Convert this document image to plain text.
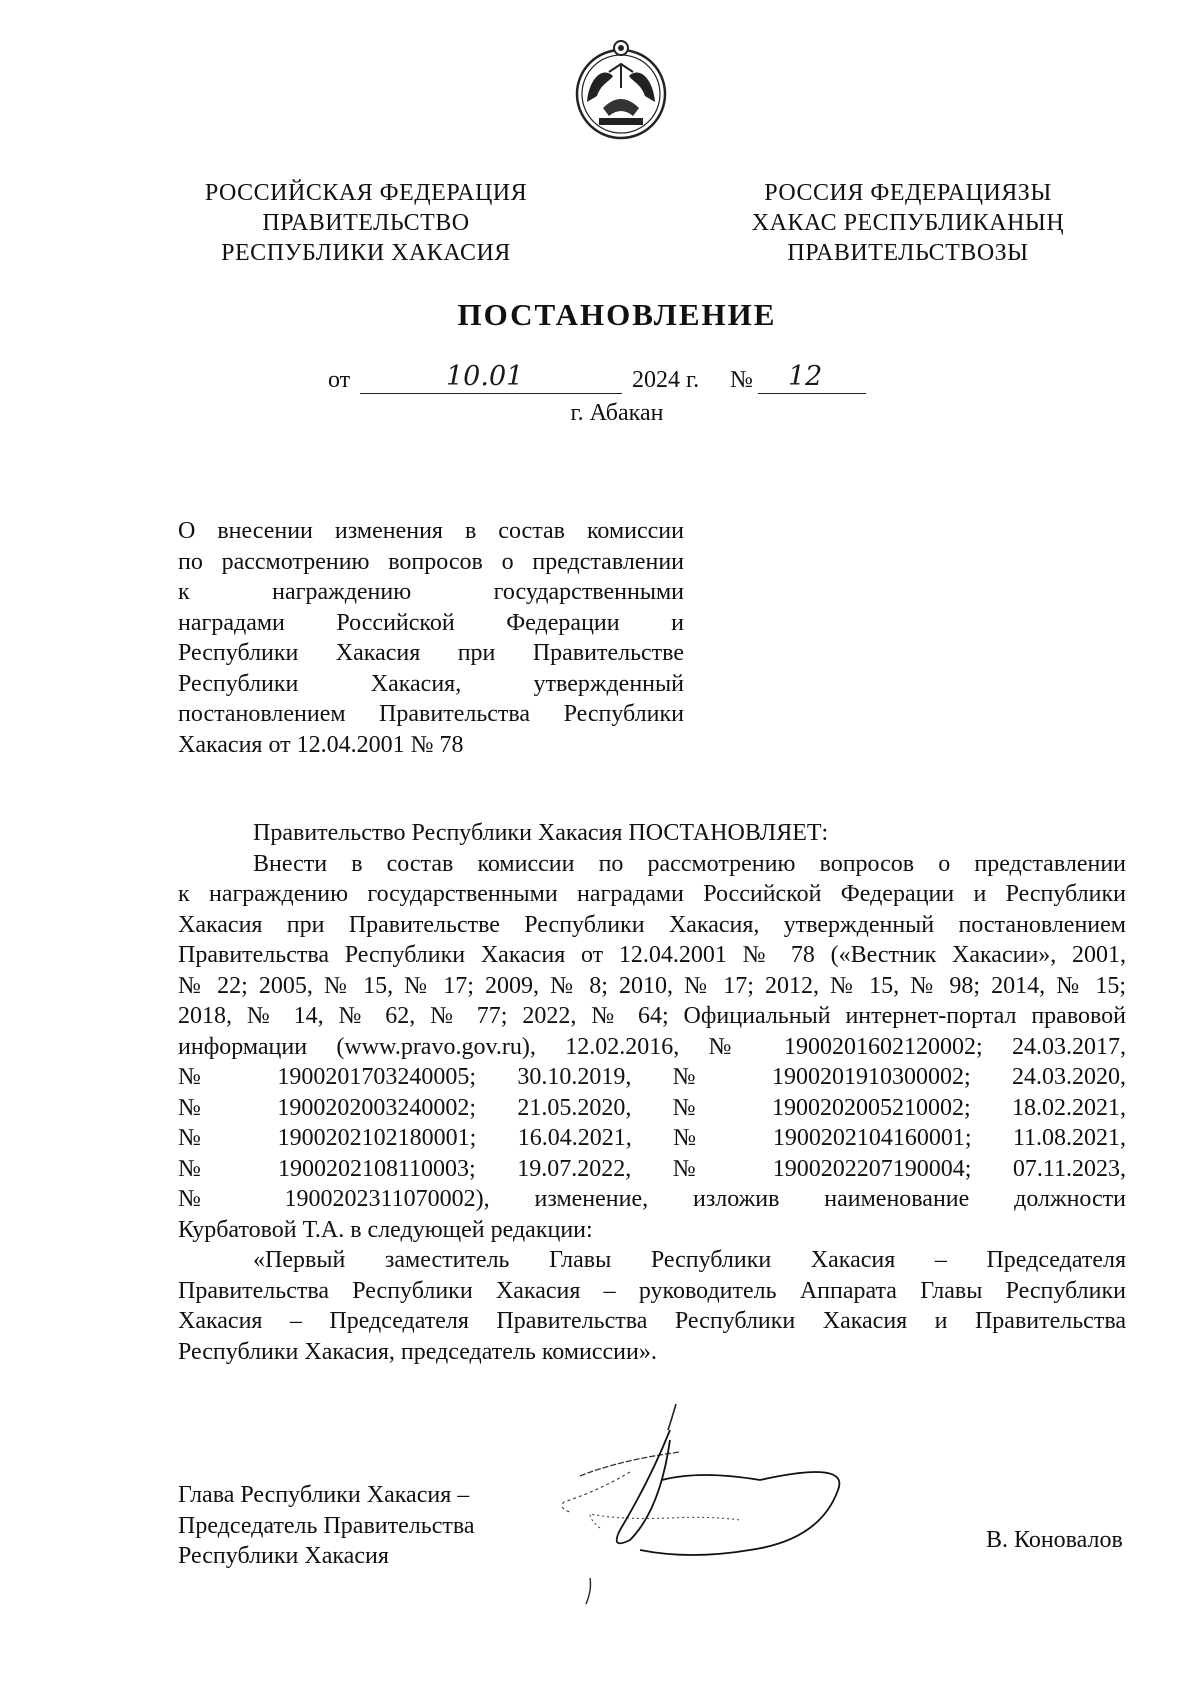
РОССИЙСКАЯ ФЕДЕРАЦИЯ
ПРАВИТЕЛЬСТВО
РЕСПУБЛИКИ ХАКАСИЯ
РОССИЯ ФЕДЕРАЦИЯЗЫ
ХАКАС РЕСПУБЛИКАНЫҢ
ПРАВИТЕЛЬСТВОЗЫ
ПОСТАНОВЛЕНИЕ
от	10.01	2024 г. № 12
г. Абакан
О внесении изменения в состав комиссии
по рассмотрению вопросов о представлении
к награждению государственными
наградами Российской Федерации и
Республики Хакасия при Правительстве
Республики Хакасия, утвержденный
постановлением Правительства Республики
Хакасия от 12.04.2001 № 78
Правительство Республики Хакасия ПОСТАНОВЛЯЕТ:
Внести в состав комиссии по рассмотрению вопросов о представлении
к награждению государственными наградами Российской Федерации и Республики
Хакасия при Правительстве Республики Хакасия, утвержденный постановлением
Правительства Республики Хакасия от 12.04.2001 № 78 («Вестник Хакасии», 2001,
№ 22; 2005, № 15, № 17; 2009, № 8; 2010, № 17; 2012, № 15, № 98; 2014, № 15;
2018, № 14, № 62, № 77; 2022, № 64; Официальный интернет-портал правовой
информации (www.pravo.gov.ru), 12.02.2016, № 1900201602120002; 24.03.2017,
№ 1900201703240005; 30.10.2019, № 1900201910300002; 24.03.2020,
№ 1900202003240002; 21.05.2020, № 1900202005210002; 18.02.2021,
№ 1900202102180001; 16.04.2021, № 1900202104160001; 11.08.2021,
№ 1900202108110003; 19.07.2022, № 1900202207190004; 07.11.2023,
№ 1900202311070002), изменение, изложив наименование должности
Курбатовой Т.А. в следующей редакции:
«Первый заместитель Главы Республики Хакасия – Председателя
Правительства Республики Хакасия – руководитель Аппарата Главы Республики
Хакасия – Председателя Правительства Республики Хакасия и Правительства
Республики Хакасия, председатель комиссии».
Глава Республики Хакасия –
Председатель Правительства
Республики Хакасия
В. Коновалов
